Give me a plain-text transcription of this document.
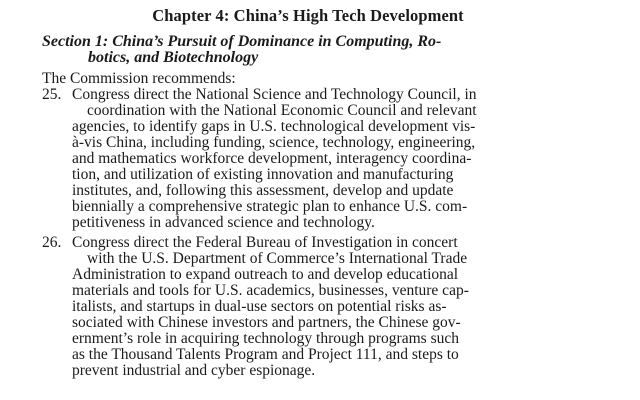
Chapter 4: China’s High Tech Development
Section 1: China’s Pursuit of Dominance in Computing, Ro-
botics, and Biotechnology

The Commission recommends:

25. Congress direct the National Science and Technology Council, in
coordination with the National Economic Council and relevant
agencies, to identify gaps in U.S. technological development vis-
à-vis China, including funding, science, technology, engineering,
and mathematics workforce development, interagency coordina-
tion, and utilization of existing innovation and manufacturing
institutes, and, following this assessment, develop and update
biennially a comprehensive strategic plan to enhance U.S. com-
petitiveness in advanced science and technology.
26. Congress direct the Federal Bureau of Investigation in concert
with the U.S. Department of Commerce’s International Trade
Administration to expand outreach to and develop educational
materials and tools for U.S. academics, businesses, venture cap-
italists, and startups in dual-use sectors on potential risks as-
sociated with Chinese investors and partners, the Chinese gov-
ernment’s role in acquiring technology through programs such
as the Thousand Talents Program and Project 111, and steps to
prevent industrial and cyber espionage.
